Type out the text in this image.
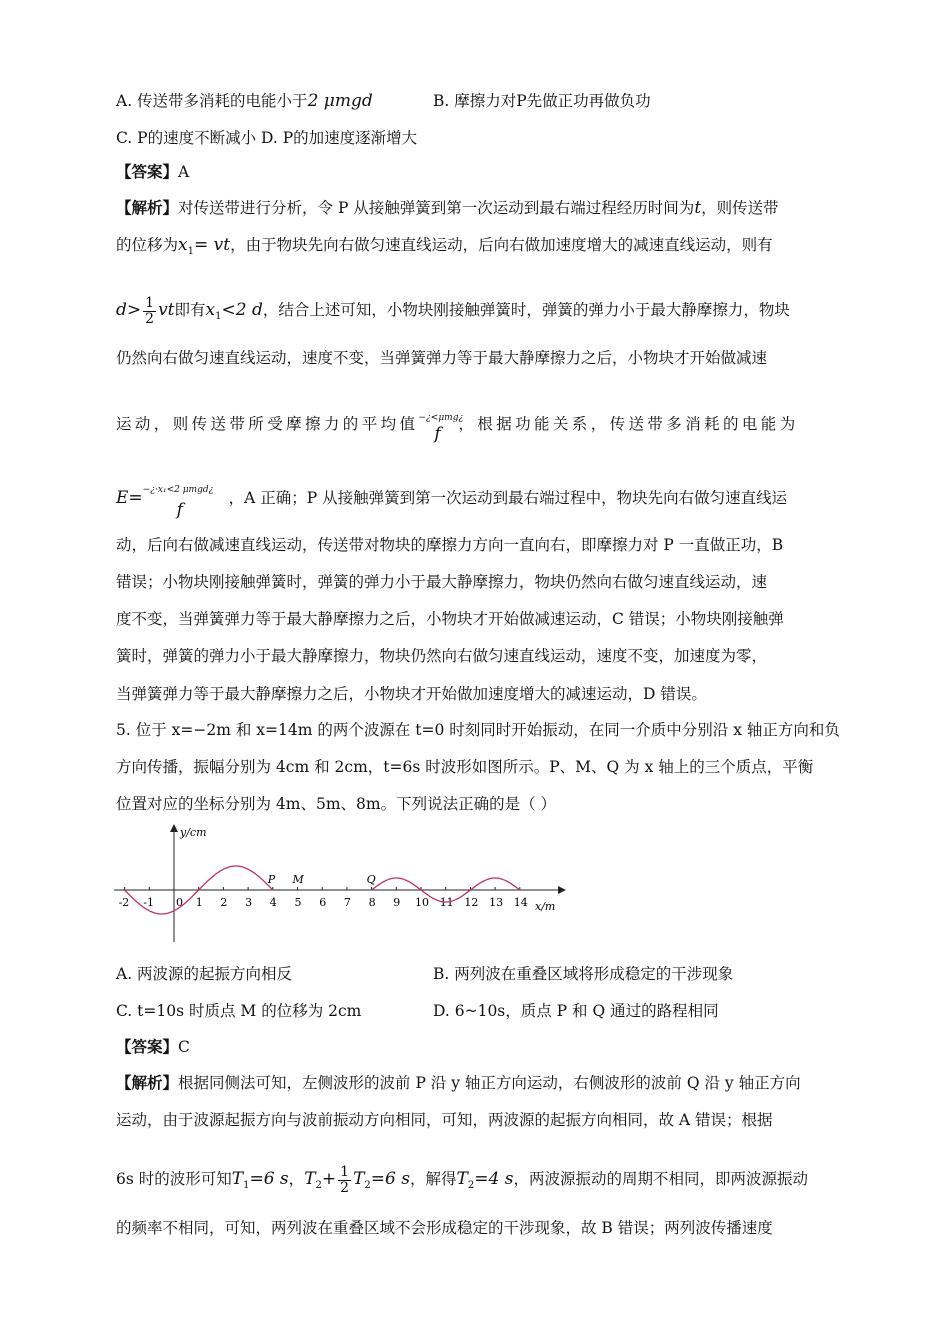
A. 传送带多消耗的电能小于2 μmgd	B. 摩擦力对P先做正功再做负功
C. P的速度不断减小 D. P的加速度逐渐增大
【答案】A
【解析】对传送带进行分析，令 P 从接触弹簧到第一次运动到最右端过程经历时间为t，则传送带
的位移为$x_1=$ vt，由于物块先向右做匀速直线运动，后向右做加速度增大的减速直线运动，则有
$d> \frac{1}{2}$ vt即有$x_1<2$ d，结合上述可知，小物块刚接触弹簧时，弹簧的弹力小于最大静摩擦力，物块
仍然向右做匀速直线运动，速度不变，当弹簧弹力等于最大静摩擦力之后，小物块才开始做减速
运动，则传送带所受摩擦力的平均值 −¿<μmg¿
f ，根据功能关系，传送带多消耗的电能为
E= −¿·x₁<2 μmgd¿
f
，A 正确；P 从接触弹簧到第一次运动到最右端过程中，物块先向右做匀速直线运
动，后向右做减速直线运动，传送带对物块的摩擦力方向一直向右，即摩擦力对 P 一直做正功，B
错误；小物块刚接触弹簧时，弹簧的弹力小于最大静摩擦力，物块仍然向右做匀速直线运动，速
度不变，当弹簧弹力等于最大静摩擦力之后，小物块才开始做减速运动，C 错误；小物块刚接触弹
簧时，弹簧的弹力小于最大静摩擦力，物块仍然向右做匀速直线运动，速度不变，加速度为零，
当弹簧弹力等于最大静摩擦力之后，小物块才开始做加速度增大的减速运动，D 错误。
5. 位于 x=−2m 和 x=14m 的两个波源在 t=0 时刻同时开始振动，在同一介质中分别沿 x 轴正方向和负
方向传播，振幅分别为 4cm 和 2cm，t=6s 时波形如图所示。P、M、Q 为 x 轴上的三个质点，平衡
位置对应的坐标分别为 4m、5m、8m。下列说法正确的是（ ）
y/cm
x/m
-2 -1 0 1 2 3 4 5 6 7 8 9 10 11 12 13 14
P M	Q
A. 两波源的起振方向相反	B. 两列波在重叠区域将形成稳定的干涉现象
C. t=10s 时质点 M 的位移为 2cm	D. 6~10s，质点 P 和 Q 通过的路程相同
【答案】C
【解析】根据同侧法可知，左侧波形的波前 P 沿 y 轴正方向运动，右侧波形的波前 Q 沿 y 轴正方向
运动，由于波源起振方向与波前振动方向相同，可知，两波源的起振方向相同，故 A 错误；根据
6s 时的波形可知$T_1=6$ s，$T_2+ \frac{1}{2} T_2=6$ s，解得$T_2=4$ s，两波源振动的周期不相同，即两波源振动
的频率不相同，可知，两列波在重叠区域不会形成稳定的干涉现象，故 B 错误；两列波传播速度
